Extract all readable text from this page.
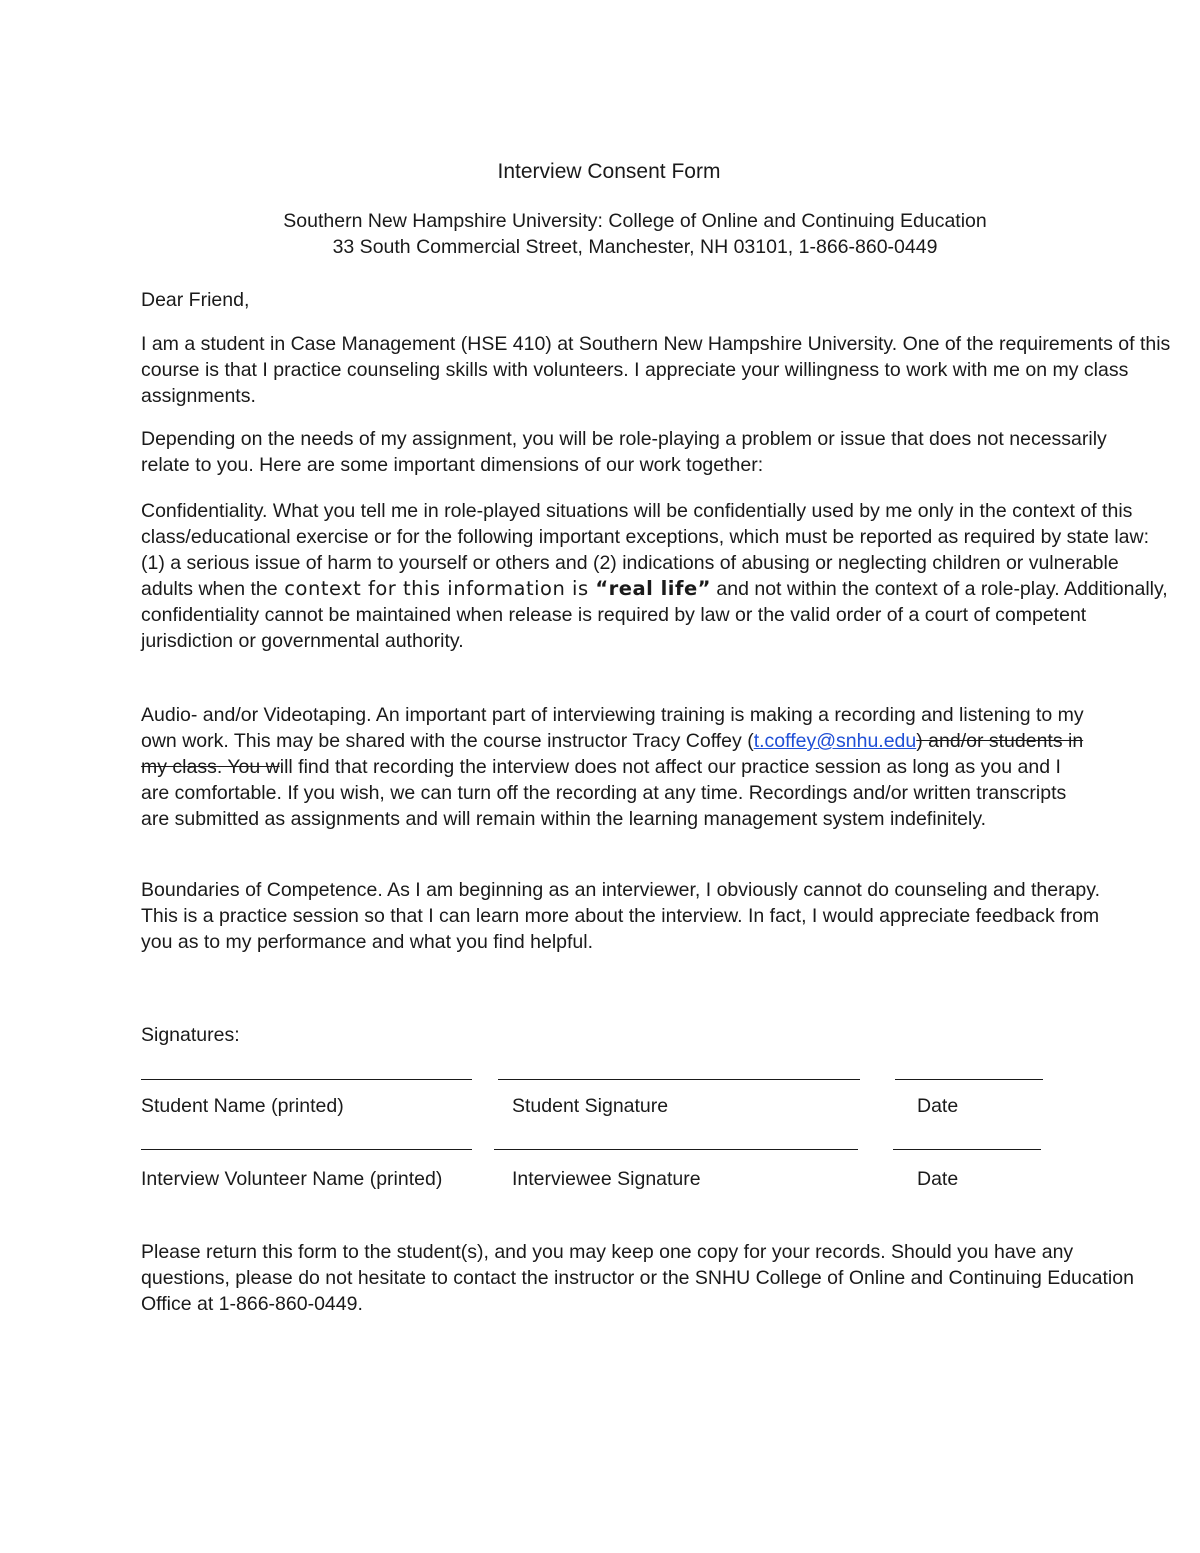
Interview Consent Form
Southern New Hampshire University: College of Online and Continuing Education
33 South Commercial Street, Manchester, NH 03101, 1-866-860-0449

Dear Friend,

I am a student in Case Management (HSE 410) at Southern New Hampshire University. One of the requirements of this course is that I practice counseling skills with volunteers. I appreciate your willingness to work with me on my class assignments.

Depending on the needs of my assignment, you will be role-playing a problem or issue that does not necessarily relate to you. Here are some important dimensions of our work together:

Confidentiality. What you tell me in role-played situations will be confidentially used by me only in the context of this class/educational exercise or for the following important exceptions, which must be reported as required by state law: (1) a serious issue of harm to yourself or others and (2) indications of abusing or neglecting children or vulnerable adults when the context for this information is “real life” and not within the context of a role-play. Additionally, confidentiality cannot be maintained when release is required by law or the valid order of a court of competent jurisdiction or governmental authority.

Audio- and/or Videotaping. An important part of interviewing training is making a recording and listening to my own work. This may be shared with the course instructor Tracy Coffey (t.coffey@snhu.edu) and/or students in my class. You will find that recording the interview does not affect our practice session as long as you and I are comfortable. If you wish, we can turn off the recording at any time. Recordings and/or written transcripts are submitted as assignments and will remain within the learning management system indefinitely.

Boundaries of Competence. As I am beginning as an interviewer, I obviously cannot do counseling and therapy. This is a practice session so that I can learn more about the interview. In fact, I would appreciate feedback from you as to my performance and what you find helpful.

Signatures:

Student Name (printed)	Student Signature	Date
Interview Volunteer Name (printed)	Interviewee Signature	Date

Please return this form to the student(s), and you may keep one copy for your records. Should you have any questions, please do not hesitate to contact the instructor or the SNHU College of Online and Continuing Education Office at 1-866-860-0449.
